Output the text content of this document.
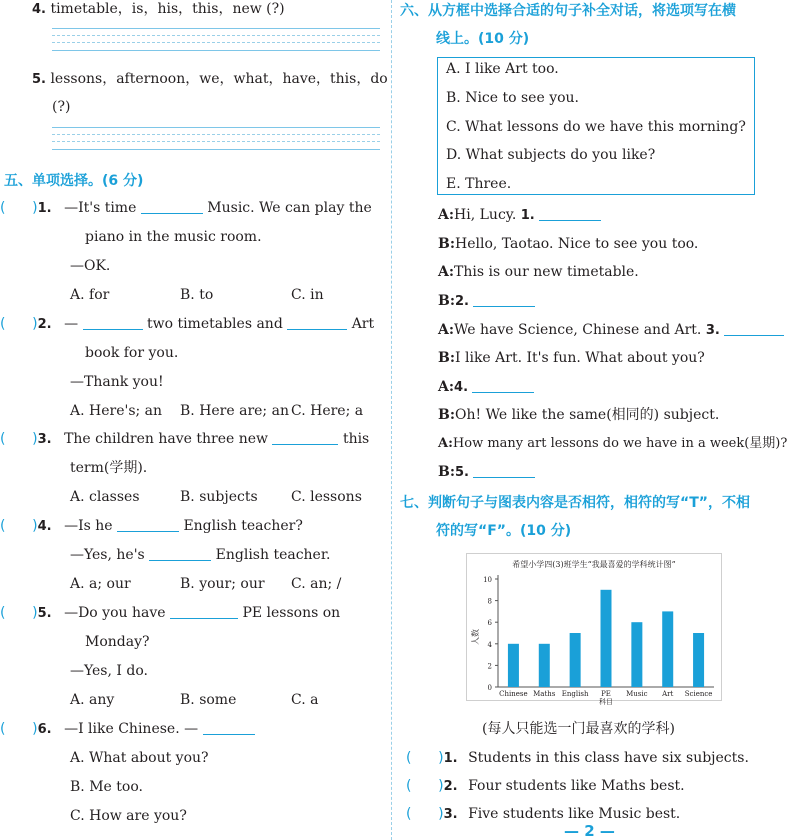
4. timetable，is，his，this，new (?)
5. lessons，afternoon，we，what，have，this，do
(?)
五、单项选择。(6 分)
(      )1. —It's time	Music. We can play the
piano in the music room.
—OK.
A. for	B. to	C. in
(      )2. —	two timetables and	Art
book for you.
—Thank you!
A. Here's; an B. Here are; an C. Here; a
(      )3. The children have three new	this
term(学期).
A. classes	B. subjects C. lessons
(      )4. —Is he	English teacher?
—Yes, he's	English teacher.
A. a; our	B. your; our C. an; /
(      )5. —Do you have	PE lessons on
Monday?
—Yes, I do.
A. any	B. some	C. a
(      )6. —I like Chinese. —
A. What about you?
B. Me too.
C. How are you?
六、从方框中选择合适的句子补全对话，将选项写在横
线上。(10 分)
A. I like Art too.
B. Nice to see you.
C. What lessons do we have this morning?
D. What subjects do you like?
E. Three.
A:Hi, Lucy. 1.
B:Hello, Taotao. Nice to see you too.
A:This is our new timetable.
B:2.
A:We have Science, Chinese and Art. 3.
B:I like Art. It's fun. What about you?
A:4.
B:Oh! We like the same(相同的) subject.
A:How many art lessons do we have in a week(星期)?
B:5.
七、判断句子与图表内容是否相符，相符的写“T”，不相
符的写“F”。(10 分)
希望小学四(3)班学生“我最喜爱的学科统计图”
0
2
4
6
8
10
Chinese Maths English PE Music Art Science
科目
人数
(每人只能选一门最喜欢的学科)
(      )1. Students in this class have six subjects.
(      )2. Four students like Maths best.
(      )3. Five students like Music best.
— 2 —
